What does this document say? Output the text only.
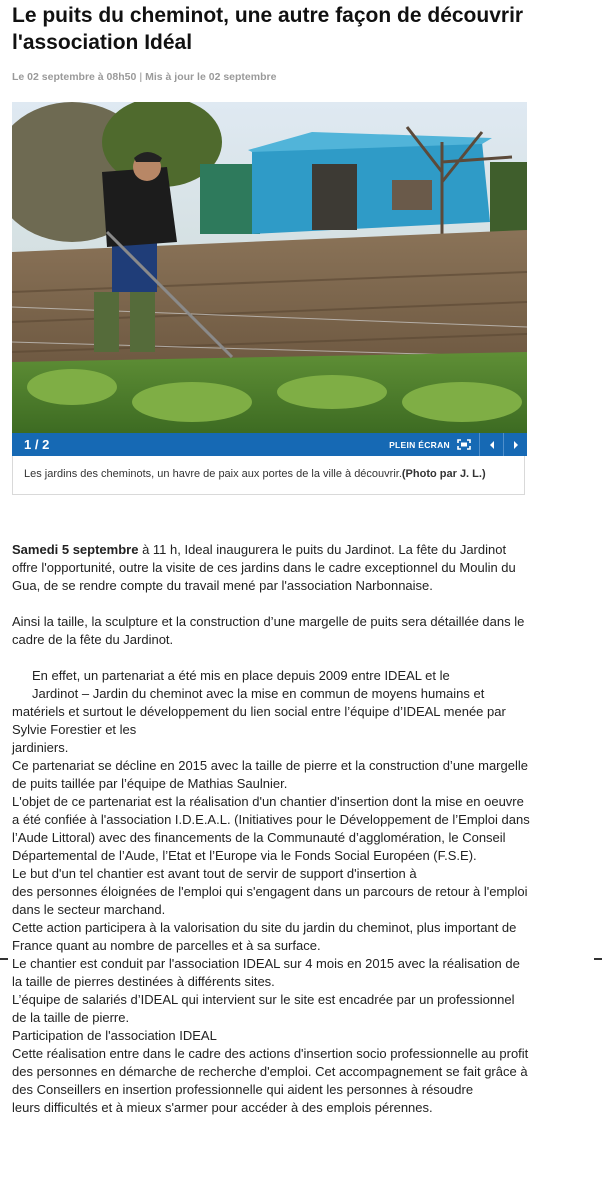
Le puits du cheminot, une autre façon de découvrir l'association Idéal
Le 02 septembre à 08h50 | Mis à jour le 02 septembre
1 / 2	PLEIN ÉCRAN
Les jardins des cheminots, un havre de paix aux portes de la ville à découvrir.(Photo par J. L.)

Samedi 5 septembre à 11 h, Ideal inaugurera le puits du Jardinot. La fête du Jardinot offre l'opportunité, outre la visite de ces jardins dans le cadre exceptionnel du Moulin du Gua, de se rendre compte du travail mené par l'association Narbonnaise.

Ainsi la taille, la sculpture et la construction d’une margelle de puits sera détaillée dans le cadre de la fête du Jardinot.

En effet, un partenariat a été mis en place depuis 2009 entre IDEAL et le

Jardinot – Jardin du cheminot avec la mise en commun de moyens humains et matériels et surtout le développement du lien social entre l’équipe d’IDEAL menée par Sylvie Forestier et les

jardiniers.

Ce partenariat se décline en 2015 avec la taille de pierre et la construction d’une margelle de puits taillée par l’équipe de Mathias Saulnier.

L'objet de ce partenariat est la réalisation d'un chantier d'insertion dont la mise en oeuvre a été confiée à l'association I.D.E.A.L. (Initiatives pour le Développement de l’Emploi dans l’Aude Littoral) avec des financements de la Communauté d’agglomération, le Conseil Départemental de l’Aude, l’Etat et l’Europe via le Fonds Social Européen (F.S.E).

Le but d'un tel chantier est avant tout de servir de support d'insertion à

des personnes éloignées de l'emploi qui s'engagent dans un parcours de retour à l'emploi dans le secteur marchand.

Cette action participera à la valorisation du site du jardin du cheminot, plus important de France quant au nombre de parcelles et à sa surface.

Le chantier est conduit par l'association IDEAL sur 4 mois en 2015 avec la réalisation de la taille de pierres destinées à différents sites.

L’équipe de salariés d’IDEAL qui intervient sur le site est encadrée par un professionnel de la taille de pierre.

Participation de l'association IDEAL

Cette réalisation entre dans le cadre des actions d'insertion socio professionnelle au profit des personnes en démarche de recherche d'emploi. Cet accompagnement se fait grâce à des Conseillers en insertion professionnelle qui aident les personnes à résoudre

leurs difficultés et à mieux s'armer pour accéder à des emplois pérennes.
